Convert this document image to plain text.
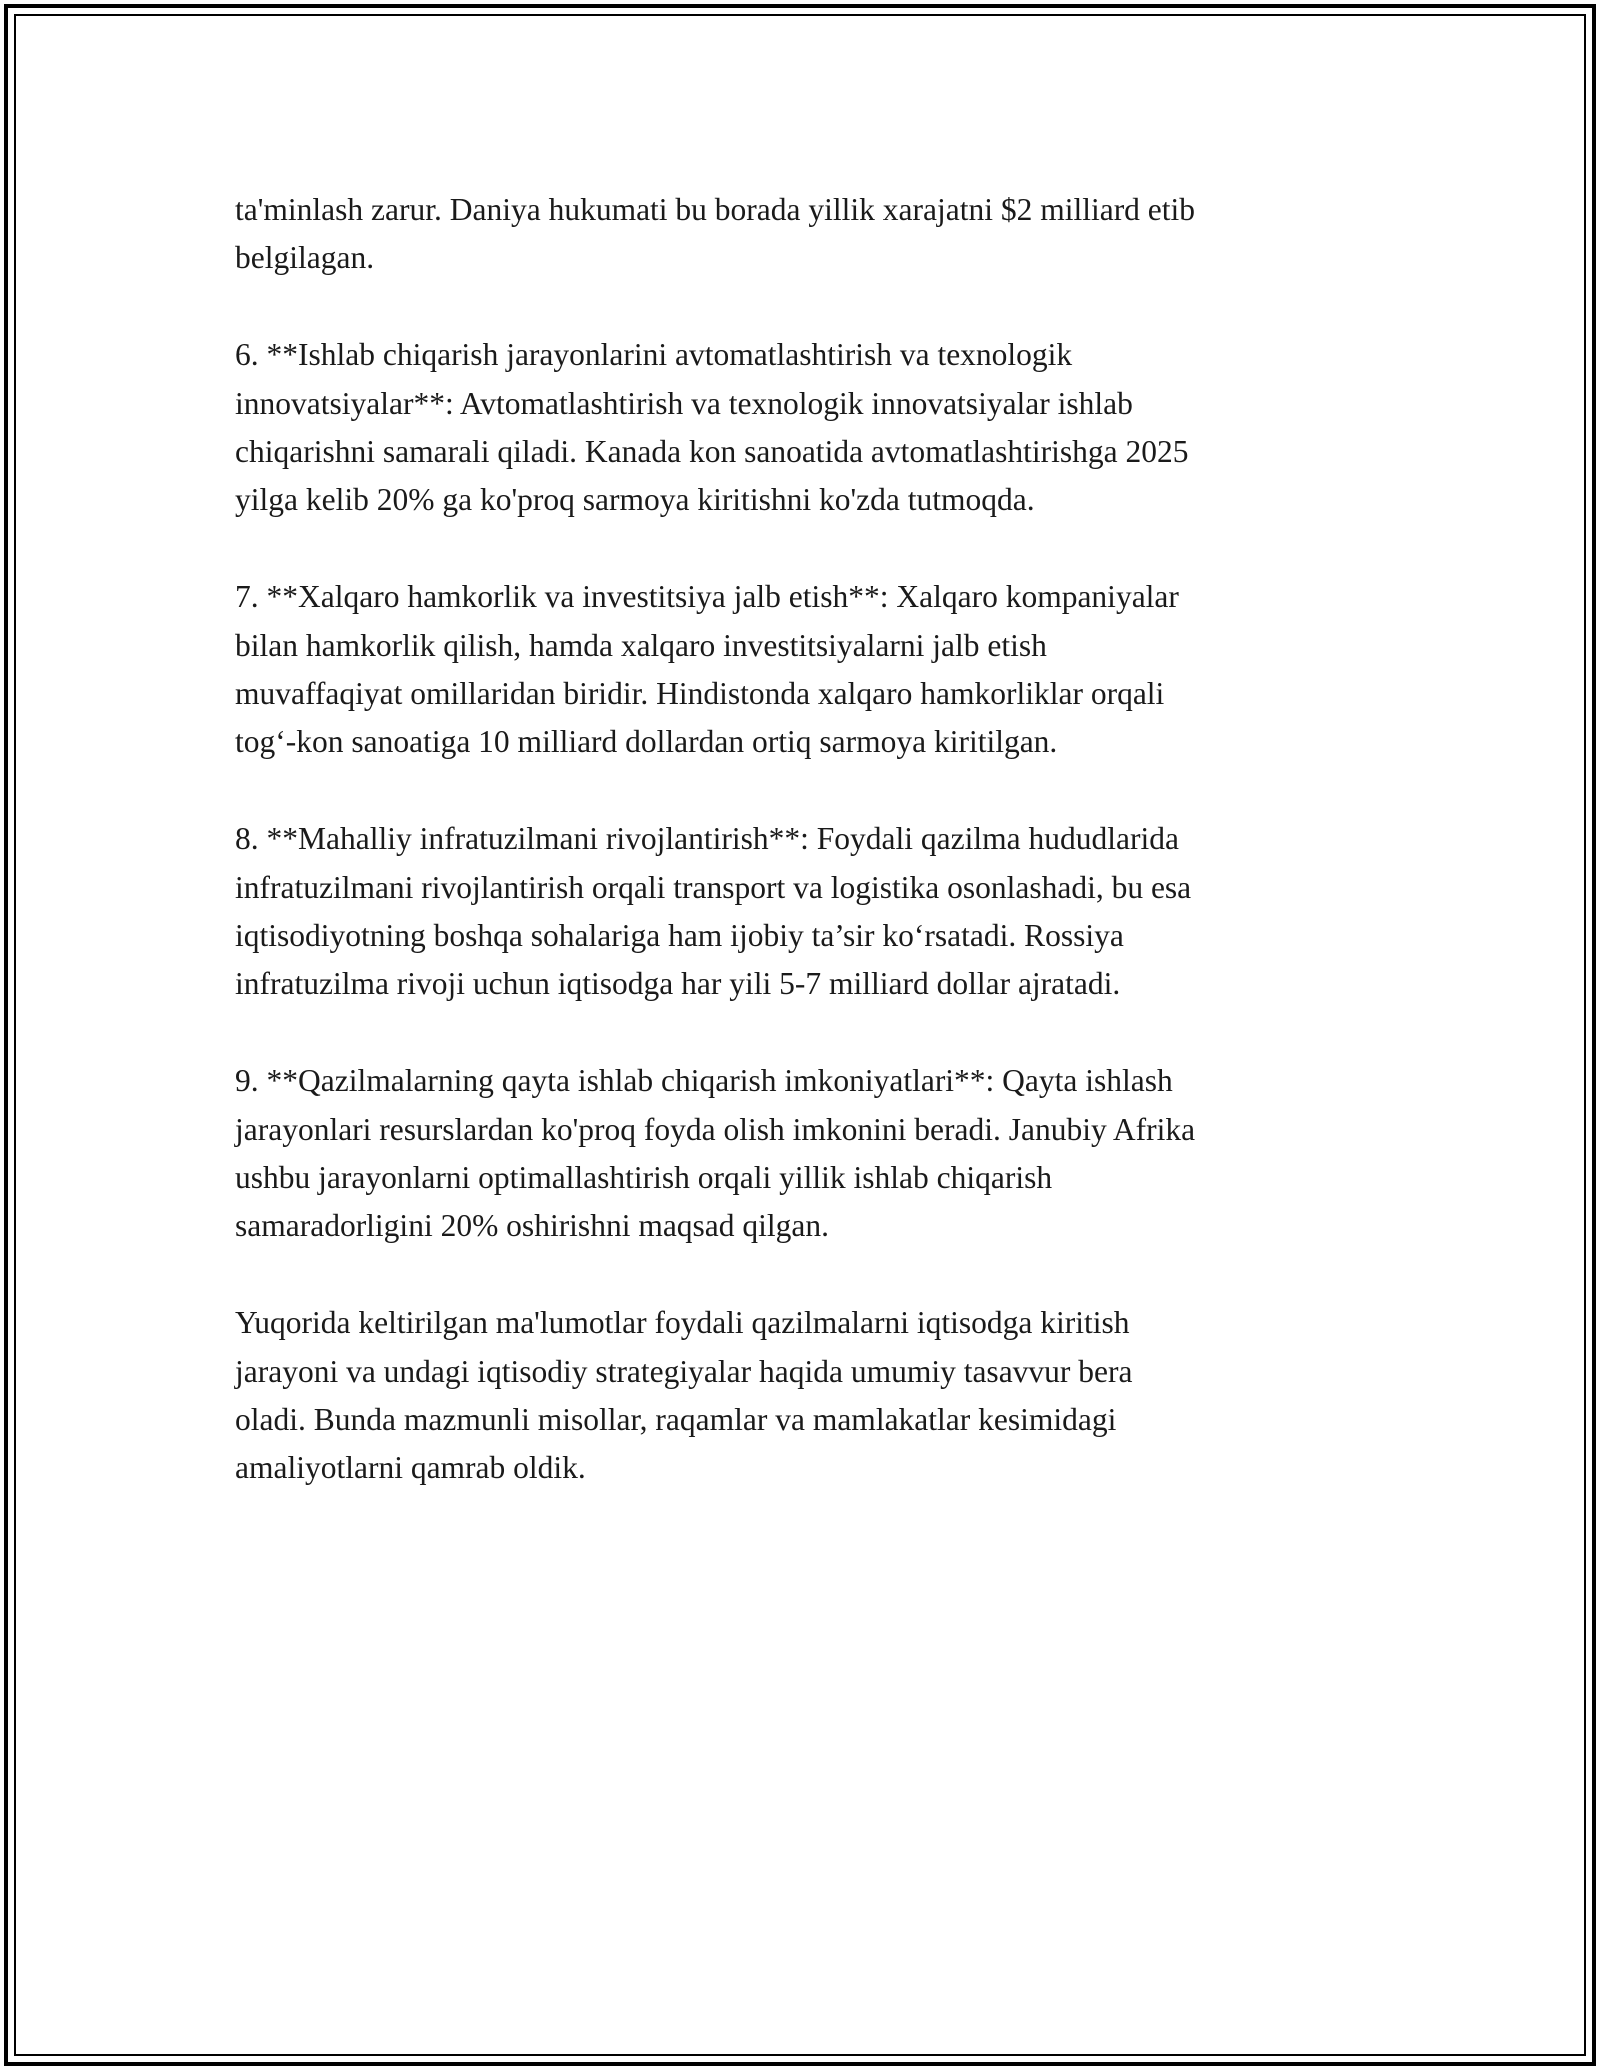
ta'minlash zarur. Daniya hukumati bu borada yillik xarajatni $2 milliard etib
belgilagan.

6. **Ishlab chiqarish jarayonlarini avtomatlashtirish va texnologik
innovatsiyalar**: Avtomatlashtirish va texnologik innovatsiyalar ishlab
chiqarishni samarali qiladi. Kanada kon sanoatida avtomatlashtirishga 2025
yilga kelib 20% ga ko'proq sarmoya kiritishni ko'zda tutmoqda.

7. **Xalqaro hamkorlik va investitsiya jalb etish**: Xalqaro kompaniyalar
bilan hamkorlik qilish, hamda xalqaro investitsiyalarni jalb etish
muvaffaqiyat omillaridan biridir. Hindistonda xalqaro hamkorliklar orqali
tog‘-kon sanoatiga 10 milliard dollardan ortiq sarmoya kiritilgan.

8. **Mahalliy infratuzilmani rivojlantirish**: Foydali qazilma hududlarida
infratuzilmani rivojlantirish orqali transport va logistika osonlashadi, bu esa
iqtisodiyotning boshqa sohalariga ham ijobiy ta’sir ko‘rsatadi. Rossiya
infratuzilma rivoji uchun iqtisodga har yili 5-7 milliard dollar ajratadi.

9. **Qazilmalarning qayta ishlab chiqarish imkoniyatlari**: Qayta ishlash
jarayonlari resurslardan ko'proq foyda olish imkonini beradi. Janubiy Afrika
ushbu jarayonlarni optimallashtirish orqali yillik ishlab chiqarish
samaradorligini 20% oshirishni maqsad qilgan.

Yuqorida keltirilgan ma'lumotlar foydali qazilmalarni iqtisodga kiritish
jarayoni va undagi iqtisodiy strategiyalar haqida umumiy tasavvur bera
oladi. Bunda mazmunli misollar, raqamlar va mamlakatlar kesimidagi
amaliyotlarni qamrab oldik.
